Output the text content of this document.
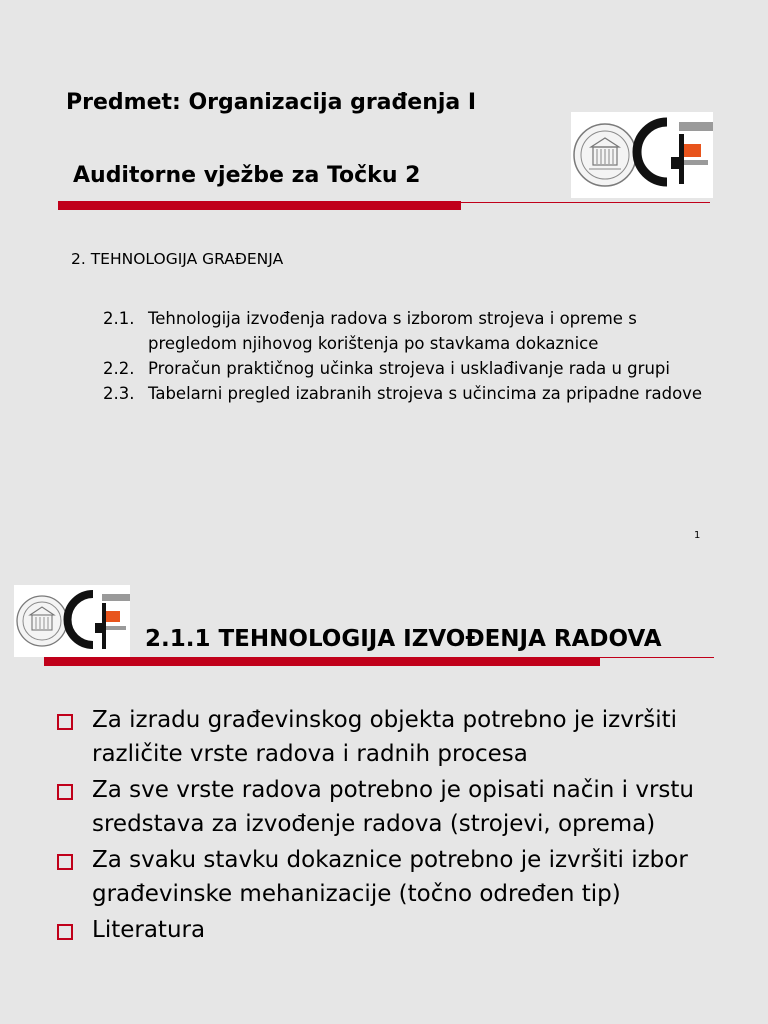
Predmet: Organizacija građenja I
Auditorne vježbe za Točku 2
2. TEHNOLOGIJA GRAĐENJA
2.1. Tehnologija izvođenja radova s izborom strojeva i opreme s pregledom njihovog korištenja po stavkama dokaznice
2.2. Proračun praktičnog učinka strojeva i usklađivanje rada u grupi
2.3. Tabelarni pregled izabranih strojeva s učincima za pripadne radove
1
2.1.1 TEHNOLOGIJA IZVOĐENJA RADOVA
Za izradu građevinskog objekta potrebno je izvršiti različite vrste radova i radnih procesa
Za sve vrste radova potrebno je opisati način i vrstu sredstava za izvođenje radova (strojevi, oprema)
Za svaku stavku dokaznice potrebno je izvršiti izbor građevinske mehanizacije (točno određen tip)
Literatura
